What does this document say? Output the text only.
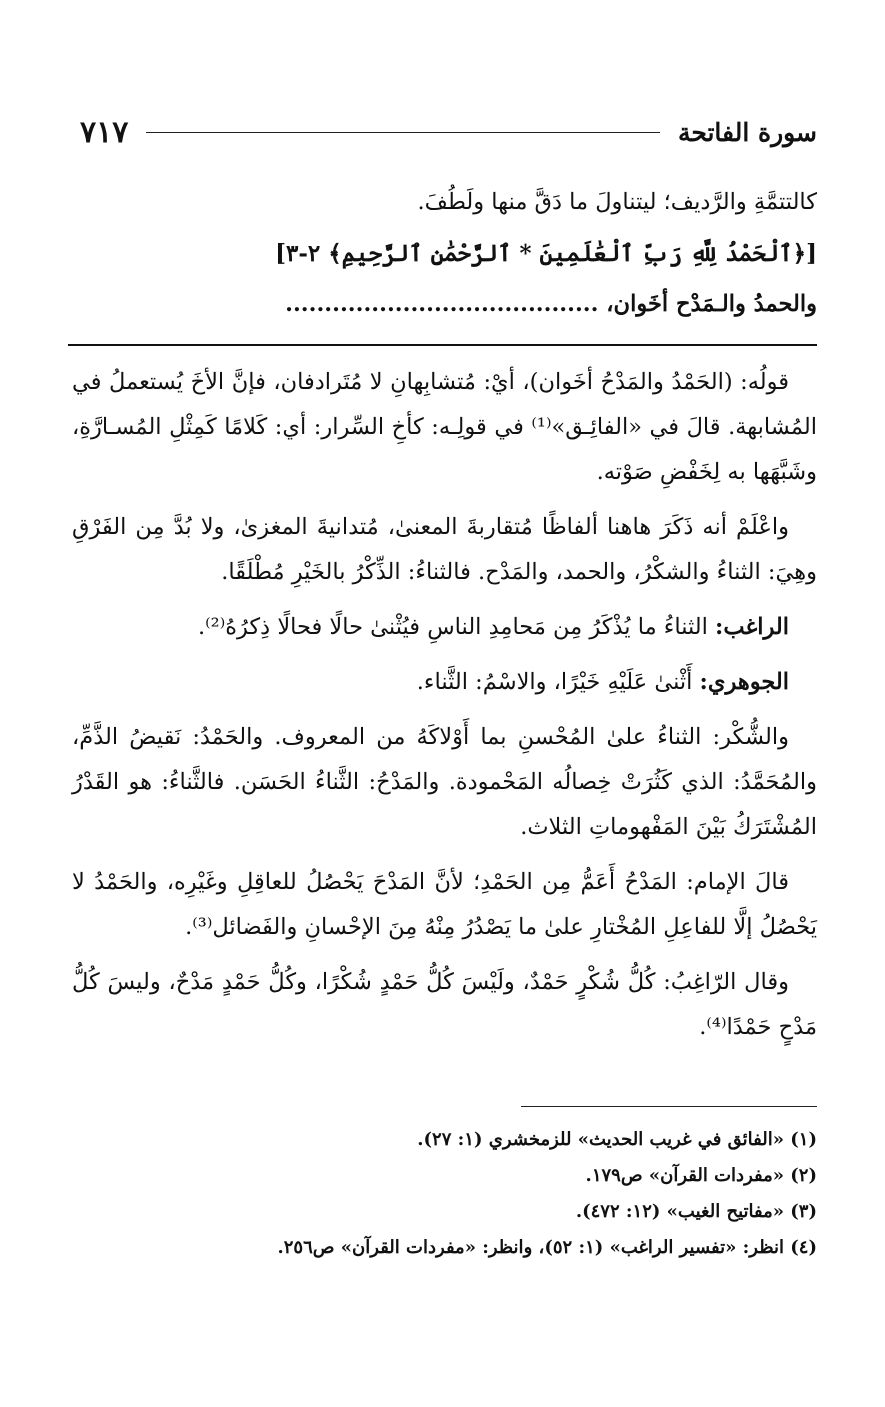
سورة الفاتحة
٧١٧

كالتتمَّةِ والرَّديف؛ ليتناولَ ما دَقَّ منها ولَطُفَ.

[﴿ٱلْحَمْدُ لِلَّهِ رَبِّ ٱلْعَٰلَمِينَ * ٱلرَّحْمَٰنِ ٱلرَّحِيمِ﴾ ٢-٣]

والحمدُ والـمَدْح أخَوان، ........................................

قولُه: (الحَمْدُ والمَدْحُ أخَوان)، أيْ: مُتشابِهانِ لا مُتَرادفان، فإنَّ الأخَ يُستعملُ في المُشابهة. قالَ في «الفائِـق»⁽¹⁾ في قولِـه: كأخِ السِّرار: أي: كَلامًا كَمِثْلِ المُسـارَّةِ، وشَبَّهَها به لِخَفْضِ صَوْته.

واعْلَمْ أنه ذَكَرَ هاهنا ألفاظًا مُتقاربةَ المعنىٰ، مُتدانيةَ المغزىٰ، ولا بُدَّ مِن الفَرْقِ وهِيَ: الثناءُ والشكْرُ، والحمد، والمَدْح. فالثناءُ: الذِّكْرُ بالخَيْرِ مُطْلَقًا.

الراغب: الثناءُ ما يُذْكَرُ مِن مَحامِدِ الناسِ فيُثْنىٰ حالًا فحالًا ذِكرُهُ⁽²⁾.

الجوهري: أَثْنىٰ عَلَيْهِ خَيْرًا، والاسْمُ: الثَّناء.

والشُّكْر: الثناءُ علىٰ المُحْسنِ بما أَوْلاكَهُ من المعروف. والحَمْدُ: نَقيضُ الذَّمِّ، والمُحَمَّدُ: الذي كَثُرَتْ خِصالُه المَحْمودة. والمَدْحُ: الثَّناءُ الحَسَن. فالثَّناءُ: هو القَدْرُ المُشْتَرَكُ بَيْنَ المَفْهوماتِ الثلاث.

قالَ الإمام: المَدْحُ أَعَمُّ مِن الحَمْدِ؛ لأنَّ المَدْحَ يَحْصُلُ للعاقِلِ وغَيْرِه، والحَمْدُ لا يَحْصُلُ إلَّا للفاعِلِ المُخْتارِ علىٰ ما يَصْدُرُ مِنْهُ مِنَ الإحْسانِ والفَضائل⁽³⁾.

وقال الرّاغِبُ: كُلُّ شُكْرٍ حَمْدٌ، ولَيْسَ كُلُّ حَمْدٍ شُكْرًا، وكُلُّ حَمْدٍ مَدْحٌ، وليسَ كُلُّ مَدْحٍ حَمْدًا⁽⁴⁾.

(١) «الفائق في غريب الحديث» للزمخشري (١: ٢٧).
(٢) «مفردات القرآن» ص١٧٩.
(٣) «مفاتيح الغيب» (١٢: ٤٧٢).
(٤) انظر: «تفسير الراغب» (١: ٥٢)، وانظر: «مفردات القرآن» ص٢٥٦.
